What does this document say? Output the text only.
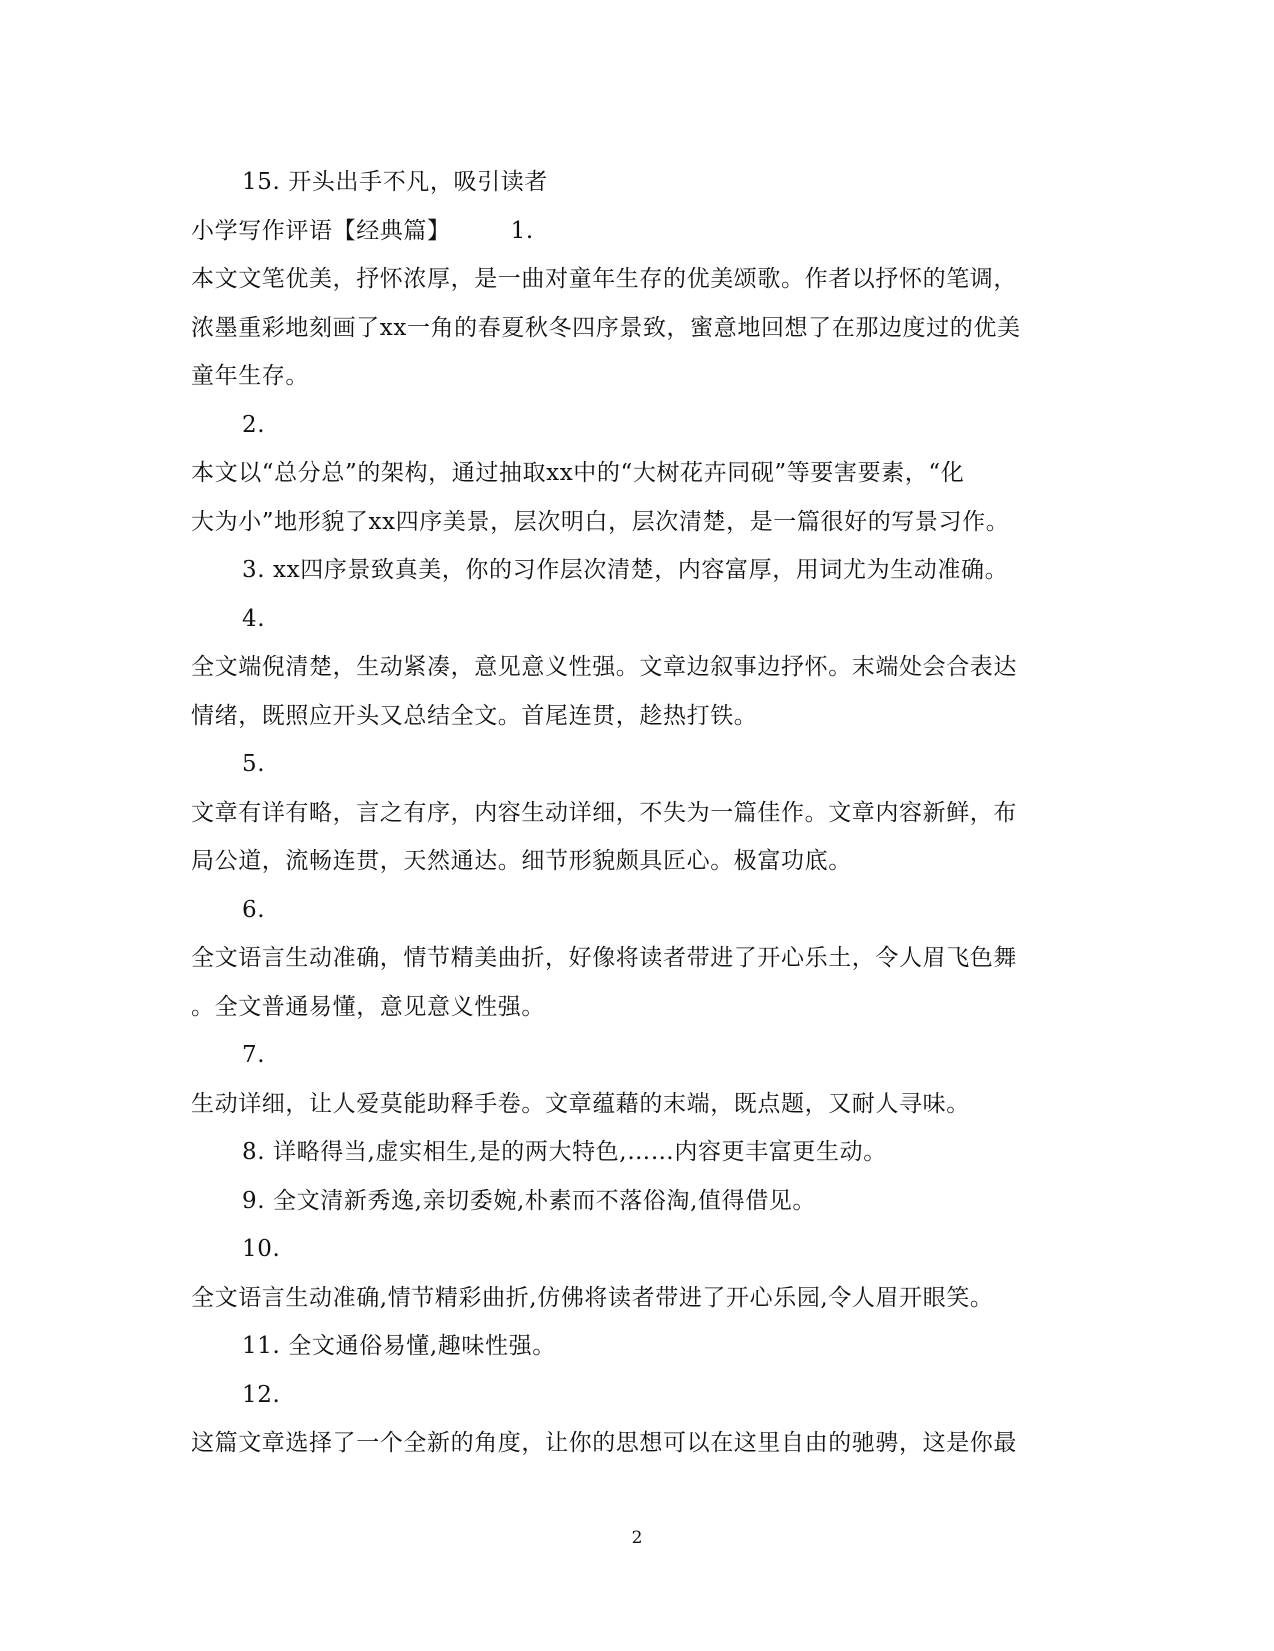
15. 开头出手不凡，吸引读者
小学写作评语【经典篇】	1.
本文文笔优美，抒怀浓厚，是一曲对童年生存的优美颂歌。作者以抒怀的笔调，
浓墨重彩地刻画了xx一角的春夏秋冬四序景致，蜜意地回想了在那边度过的优美
童年生存。
2.
本文以“总分总”的架构，通过抽取xx中的“大树花卉同砚”等要害要素，“化
大为小”地形貌了xx四序美景，层次明白，层次清楚，是一篇很好的写景习作。
3. xx四序景致真美，你的习作层次清楚，内容富厚，用词尤为生动准确。
4.
全文端倪清楚，生动紧凑，意见意义性强。文章边叙事边抒怀。末端处会合表达
情绪，既照应开头又总结全文。首尾连贯，趁热打铁。
5.
文章有详有略，言之有序，内容生动详细，不失为一篇佳作。文章内容新鲜，布
局公道，流畅连贯，天然通达。细节形貌颇具匠心。极富功底。
6.
全文语言生动准确，情节精美曲折，好像将读者带进了开心乐土，令人眉飞色舞
。全文普通易懂，意见意义性强。
7.
生动详细，让人爱莫能助释手卷。文章蕴藉的末端，既点题，又耐人寻味。
8. 详略得当,虚实相生,是的两大特色,……内容更丰富更生动。
9. 全文清新秀逸,亲切委婉,朴素而不落俗淘,值得借见。
10.
全文语言生动准确,情节精彩曲折,仿佛将读者带进了开心乐园,令人眉开眼笑。
11. 全文通俗易懂,趣味性强。
12.
这篇文章选择了一个全新的角度，让你的思想可以在这里自由的驰骋，这是你最
2
